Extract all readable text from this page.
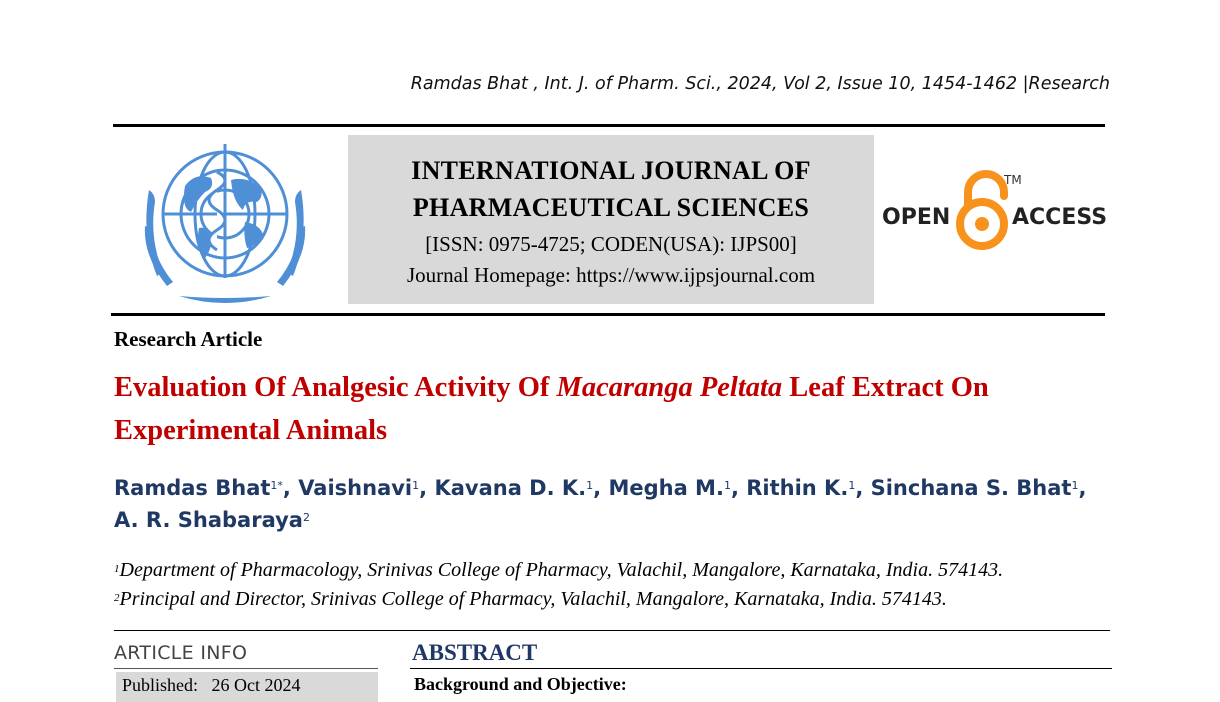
Ramdas Bhat , Int. J. of Pharm. Sci., 2024, Vol 2, Issue 10, 1454-1462 |Research
INTERNATIONAL JOURNAL OF
PHARMACEUTICAL SCIENCES
[ISSN: 0975-4725; CODEN(USA): IJPS00]
Journal Homepage: https://www.ijpsjournal.com
OPEN
TM
ACCESS
Research Article
Evaluation Of Analgesic Activity Of Macaranga Peltata Leaf Extract On Experimental Animals
Ramdas Bhat$^{1*}$, Vaishnavi$^1$, Kavana D. K.$^1$, Megha M.$^1$, Rithin K.$^1$, Sinchana S. Bhat$^1$,
A. R. Shabaraya$^2$
$^1$Department of Pharmacology, Srinivas College of Pharmacy, Valachil, Mangalore, Karnataka, India. 574143.
$^2$Principal and Director, Srinivas College of Pharmacy, Valachil, Mangalore, Karnataka, India. 574143.
ARTICLE INFO
Published: 26 Oct 2024
ABSTRACT
Background and Objective:
